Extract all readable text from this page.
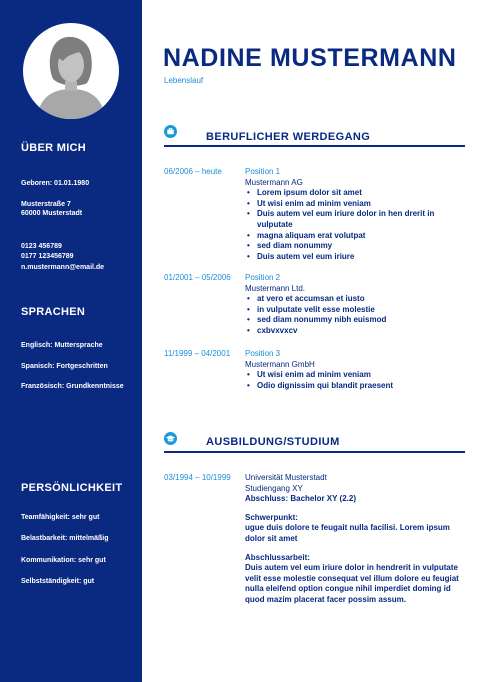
ÜBER MICH
Geboren: 01.01.1980
Musterstraße 7
60000 Musterstadt
0123 456789
0177 123456789
n.mustermann@email.de
SPRACHEN
Englisch: Muttersprache
Spanisch: Fortgeschritten
Französisch: Grundkenntnisse
PERSÖNLICHKEIT
Teamfähigkeit: sehr gut
Belastbarkeit: mittelmäßig
Kommunikation: sehr gut
Selbstständigkeit: gut
NADINE MUSTERMANN
Lebenslauf
BERUFLICHER WERDEGANG
06/2006 – heute	Position 1
Mustermann AG
• Lorem ipsum dolor sit amet
• Ut wisi enim ad minim veniam
• Duis autem vel eum iriure dolor in hen drerit in vulputate
• magna aliquam erat volutpat
• sed diam nonummy
• Duis autem vel eum iriure
01/2001 – 05/2006 Position 2
Mustermann Ltd.
• at vero et accumsan et iusto
• in vulputate velit esse molestie
• sed diam nonummy nibh euismod
• cxbvxvxcv
11/1999 – 04/2001 Position 3
Mustermann GmbH
• Ut wisi enim ad minim veniam
• Odio dignissim qui blandit praesent
AUSBILDUNG/STUDIUM
03/1994 – 10/1999 Universität Musterstadt
Studiengang XY
Abschluss: Bachelor XY (2.2)
Schwerpunkt:
ugue duis dolore te feugait nulla facilisi. Lorem ipsum dolor sit amet
Abschlussarbeit:
Duis autem vel eum iriure dolor in hendrerit in vulputate velit esse molestie consequat vel illum dolore eu feugiat nulla eleifend option congue nihil imperdiet doming id quod mazim placerat facer possim assum.
